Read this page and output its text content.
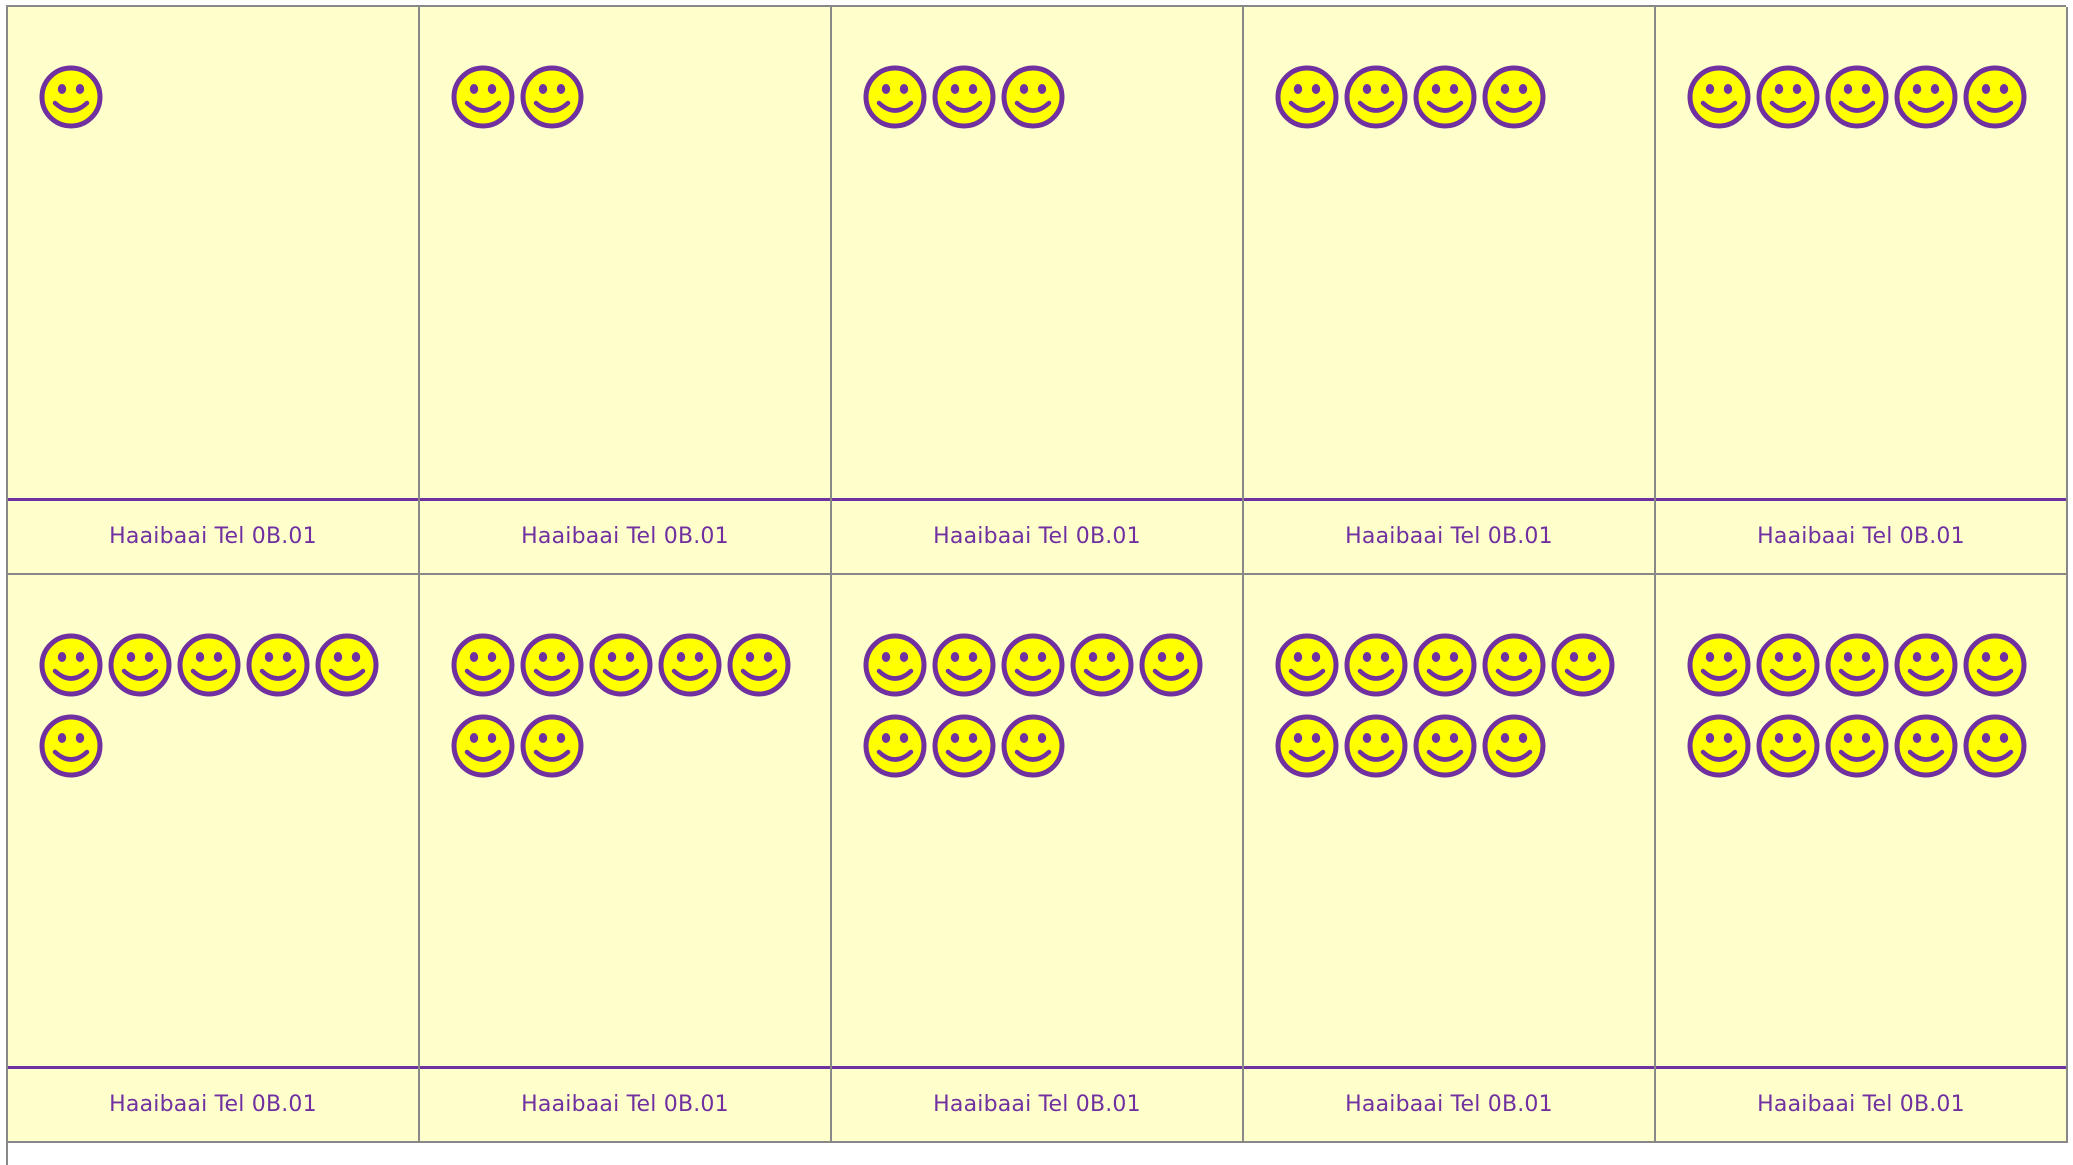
Haaibaai Tel 0B.01	Haaibaai Tel 0B.01	Haaibaai Tel 0B.01	Haaibaai Tel 0B.01	Haaibaai Tel 0B.01
Haaibaai Tel 0B.01	Haaibaai Tel 0B.01	Haaibaai Tel 0B.01	Haaibaai Tel 0B.01	Haaibaai Tel 0B.01
